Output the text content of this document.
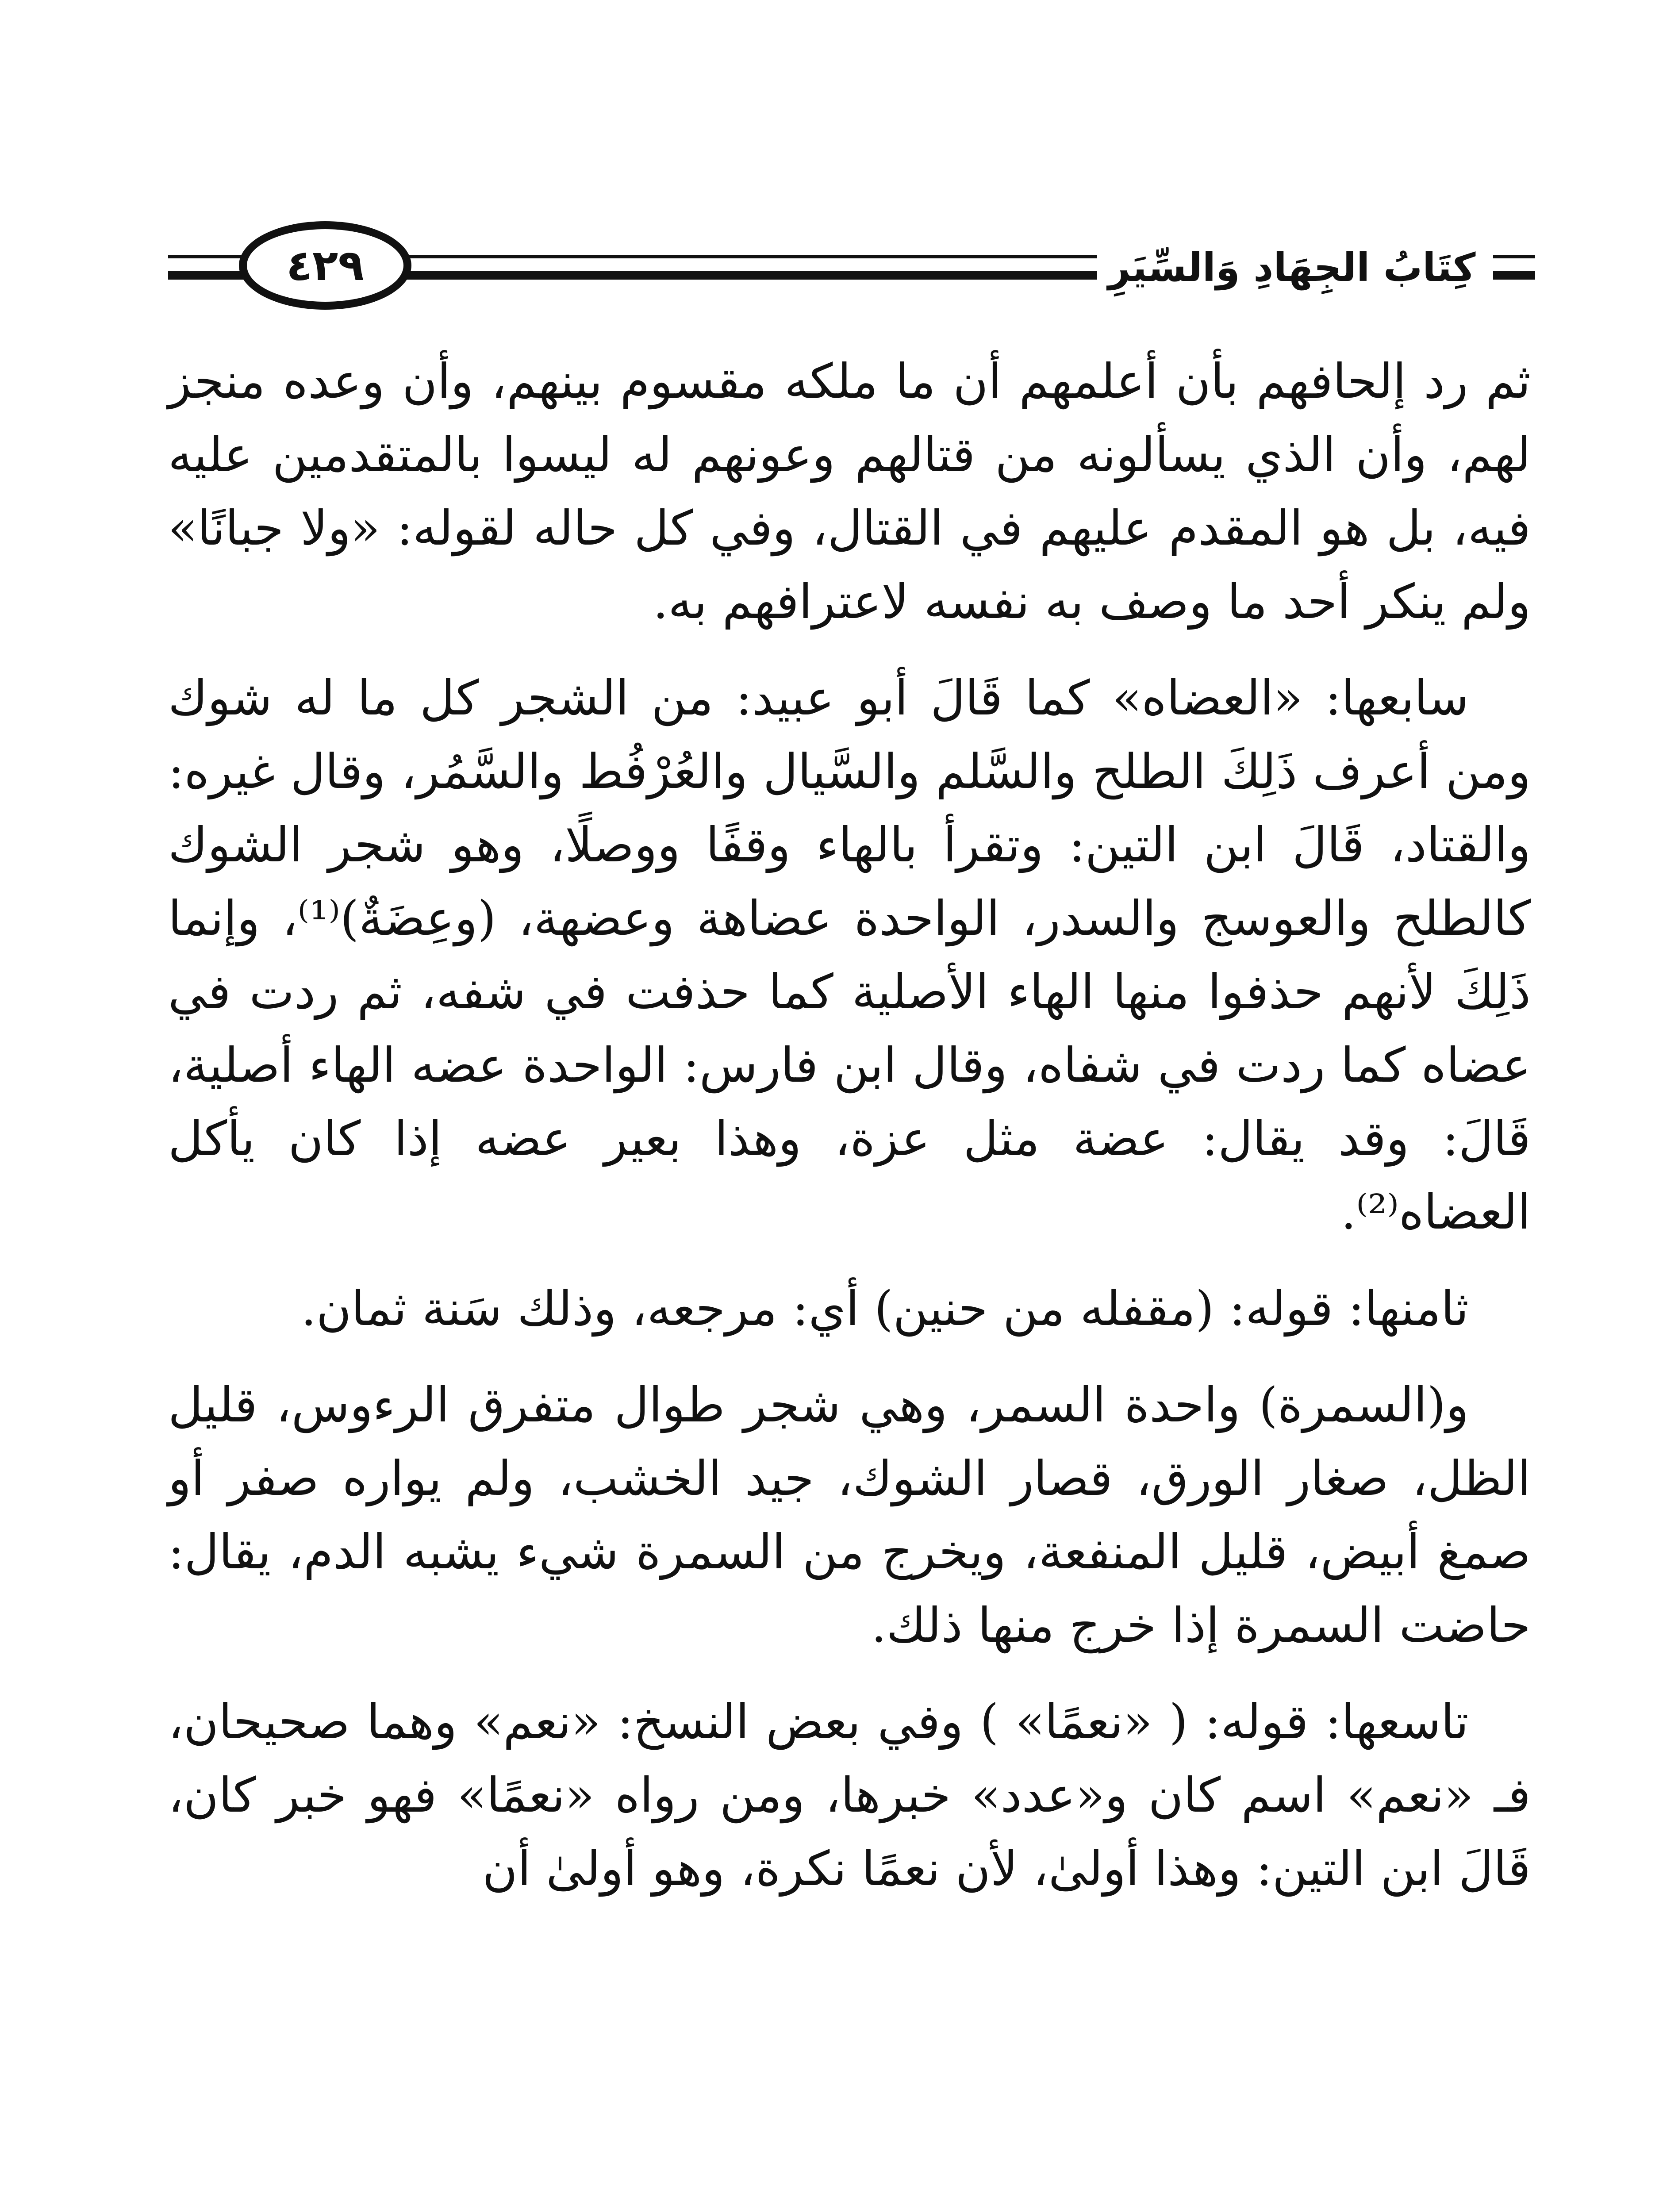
٤٢٩	كِتَابُ الجِهَادِ وَالسِّيَرِ

ثم رد إلحافهم بأن أعلمهم أن ما ملكه مقسوم بينهم، وأن وعده منجز لهم، وأن الذي يسألونه من قتالهم وعونهم له ليسوا بالمتقدمين عليه فيه، بل هو المقدم عليهم في القتال، وفي كل حاله لقوله: «ولا جبانًا» ولم ينكر أحد ما وصف به نفسه لاعترافهم به.

سابعها: «العضاه» كما قَالَ أبو عبيد: من الشجر كل ما له شوك ومن أعرف ذَلِكَ الطلح والسَّلم والسَّيال والعُرْفُط والسَّمُر، وقال غيره: والقتاد، قَالَ ابن التين: وتقرأ بالهاء وقفًا ووصلًا، وهو شجر الشوك كالطلح والعوسج والسدر، الواحدة عضاهة وعضهة، (وعِضَةٌ)⁽¹⁾، وإنما ذَلِكَ لأنهم حذفوا منها الهاء الأصلية كما حذفت في شفه، ثم ردت في عضاه كما ردت في شفاه، وقال ابن فارس: الواحدة عضه الهاء أصلية، قَالَ: وقد يقال: عضة مثل عزة، وهذا بعير عضه إذا كان يأكل العضاه⁽²⁾.

ثامنها: قوله: (مقفله من حنين) أي: مرجعه، وذلك سَنة ثمان.

و(السمرة) واحدة السمر، وهي شجر طوال متفرق الرءوس، قليل الظل، صغار الورق، قصار الشوك، جيد الخشب، ولم يواره صفر أو صمغ أبيض، قليل المنفعة، ويخرج من السمرة شيء يشبه الدم، يقال: حاضت السمرة إذا خرج منها ذلك.

تاسعها: قوله: ( «نعمًا» ) وفي بعض النسخ: «نعم» وهما صحيحان، فـ «نعم» اسم كان و«عدد» خبرها، ومن رواه «نعمًا» فهو خبر كان، قَالَ ابن التين: وهذا أولىٰ، لأن نعمًا نكرة، وهو أولىٰ أن
